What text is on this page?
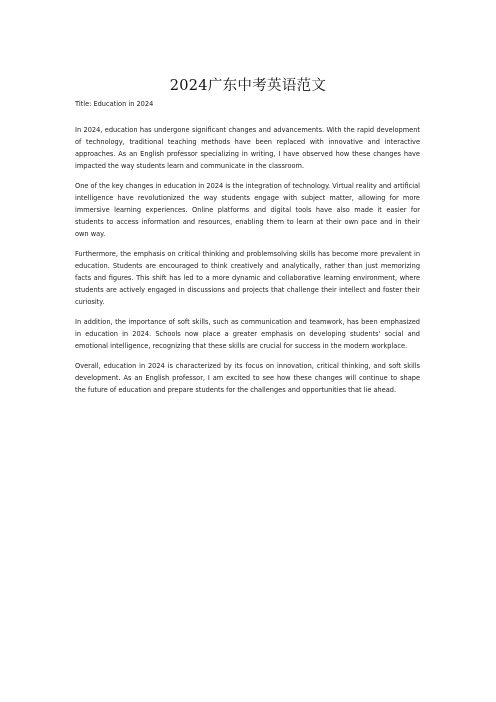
2024广东中考英语范文

Title: Education in 2024

In 2024, education has undergone significant changes and advancements. With the rapid development of technology, traditional teaching methods have been replaced with innovative and interactive approaches. As an English professor specializing in writing, I have observed how these changes have impacted the way students learn and communicate in the classroom.

One of the key changes in education in 2024 is the integration of technology. Virtual reality and artificial intelligence have revolutionized the way students engage with subject matter, allowing for more immersive learning experiences. Online platforms and digital tools have also made it easier for students to access information and resources, enabling them to learn at their own pace and in their own way.

Furthermore, the emphasis on critical thinking and problemsolving skills has become more prevalent in education. Students are encouraged to think creatively and analytically, rather than just memorizing facts and figures. This shift has led to a more dynamic and collaborative learning environment, where students are actively engaged in discussions and projects that challenge their intellect and foster their curiosity.

In addition, the importance of soft skills, such as communication and teamwork, has been emphasized in education in 2024. Schools now place a greater emphasis on developing students' social and emotional intelligence, recognizing that these skills are crucial for success in the modern workplace.

Overall, education in 2024 is characterized by its focus on innovation, critical thinking, and soft skills development. As an English professor, I am excited to see how these changes will continue to shape the future of education and prepare students for the challenges and opportunities that lie ahead.
